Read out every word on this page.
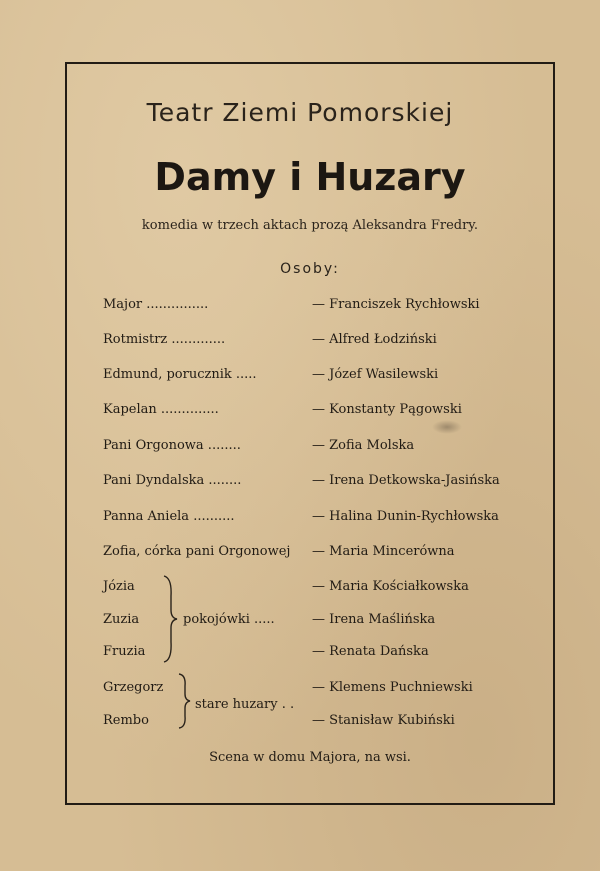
Teatr Ziemi Pomorskiej
Damy i Huzary
komedia w trzech aktach prozą Aleksandra Fredry.
Osoby:
Major ...............	— Franciszek Rychłowski
Rotmistrz .............	— Alfred Łodziński
Edmund, porucznik .....	— Józef Wasilewski
Kapelan ..............	— Konstanty Pągowski
Pani Orgonowa ........	— Zofia Molska
Pani Dyndalska ........	— Irena Detkowska-Jasińska
Panna Aniela ..........	— Halina Dunin-Rychłowska
Zofia, córka pani Orgonowej — Maria Mincerówna
Józia	— Maria Kościałkowska
Zuzia	— Irena Maślińska
Fruzia	— Renata Dańska
pokojówki .....
Grzegorz	— Klemens Puchniewski
Rembo	— Stanisław Kubiński
stare huzary . .
Scena w domu Majora, na wsi.
